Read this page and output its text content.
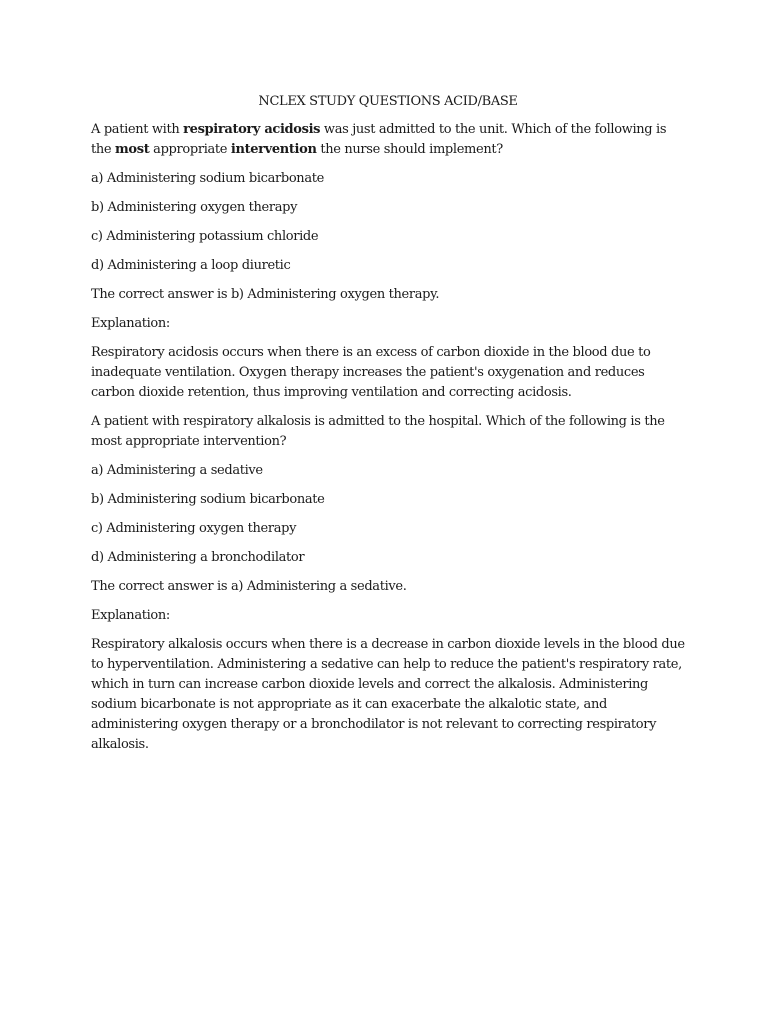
NCLEX STUDY QUESTIONS ACID/BASE

A patient with respiratory acidosis was just admitted to the unit. Which of the following is the most appropriate intervention the nurse should implement?

a) Administering sodium bicarbonate

b) Administering oxygen therapy

c) Administering potassium chloride

d) Administering a loop diuretic

The correct answer is b) Administering oxygen therapy.

Explanation:

Respiratory acidosis occurs when there is an excess of carbon dioxide in the blood due to inadequate ventilation. Oxygen therapy increases the patient's oxygenation and reduces carbon dioxide retention, thus improving ventilation and correcting acidosis.

A patient with respiratory alkalosis is admitted to the hospital. Which of the following is the most appropriate intervention?

a) Administering a sedative

b) Administering sodium bicarbonate

c) Administering oxygen therapy

d) Administering a bronchodilator

The correct answer is a) Administering a sedative.

Explanation:

Respiratory alkalosis occurs when there is a decrease in carbon dioxide levels in the blood due to hyperventilation. Administering a sedative can help to reduce the patient's respiratory rate, which in turn can increase carbon dioxide levels and correct the alkalosis. Administering sodium bicarbonate is not appropriate as it can exacerbate the alkalotic state, and administering oxygen therapy or a bronchodilator is not relevant to correcting respiratory alkalosis.
